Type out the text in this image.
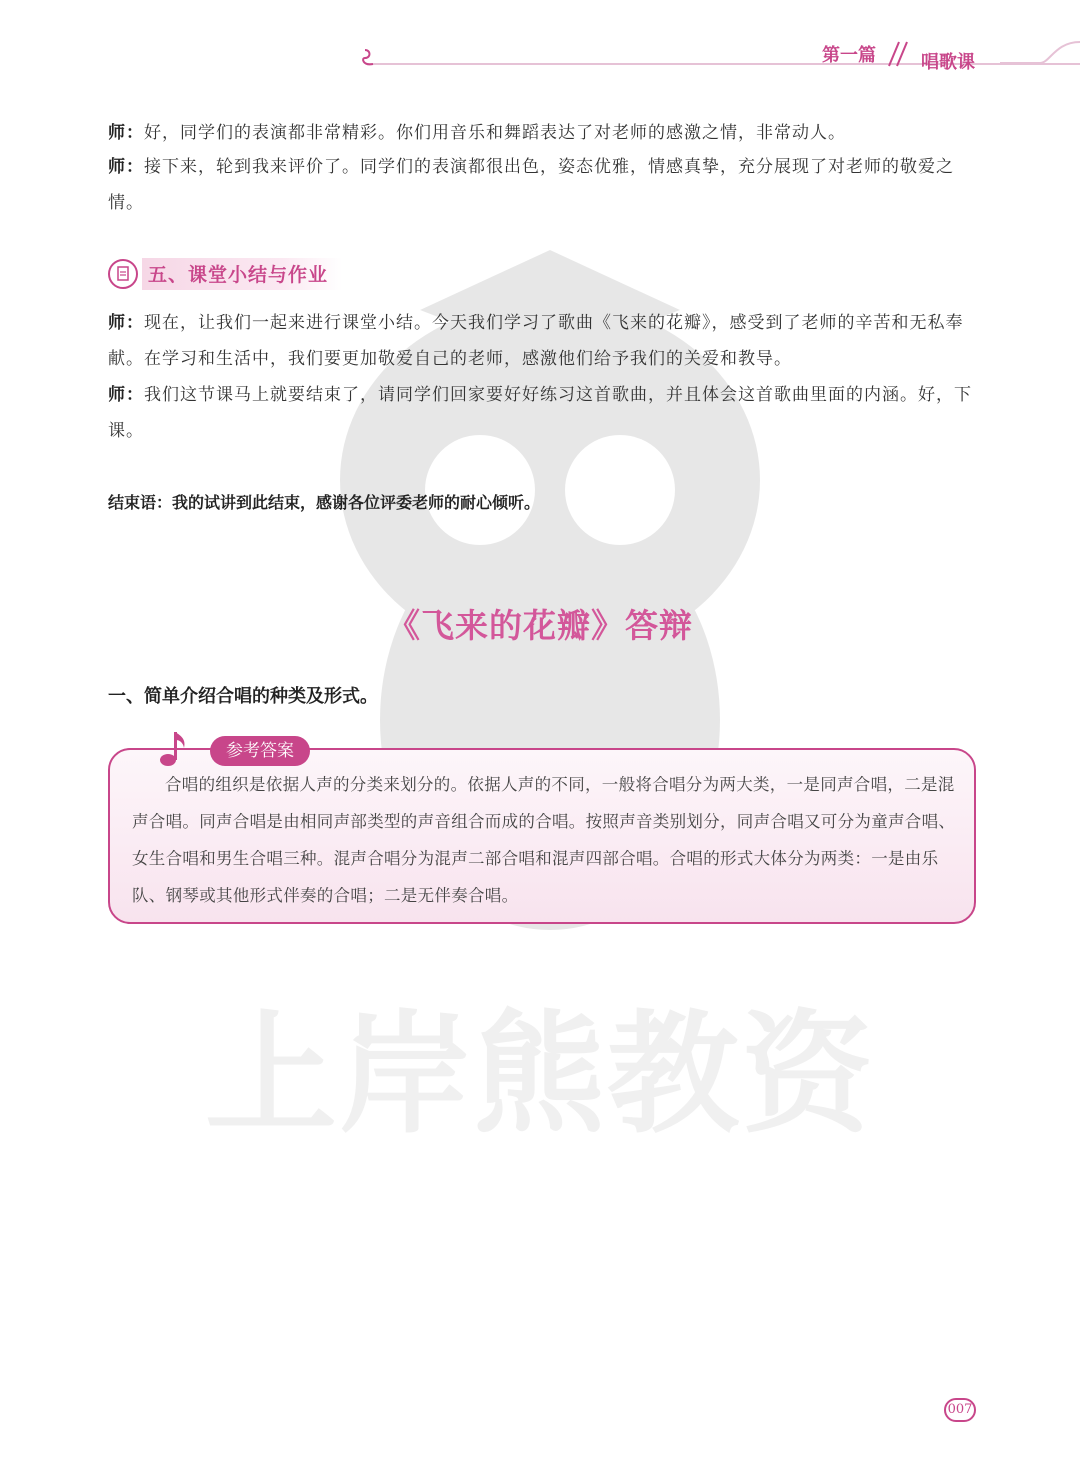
上岸熊教资
第一篇	唱歌课
师：好，同学们的表演都非常精彩。你们用音乐和舞蹈表达了对老师的感激之情，非常动人。
师：接下来，轮到我来评价了。同学们的表演都很出色，姿态优雅，情感真挚，充分展现了对老师的敬爱之情。
五、课堂小结与作业
师：现在，让我们一起来进行课堂小结。今天我们学习了歌曲《飞来的花瓣》，感受到了老师的辛苦和无私奉献。在学习和生活中，我们要更加敬爱自己的老师，感激他们给予我们的关爱和教导。
师：我们这节课马上就要结束了，请同学们回家要好好练习这首歌曲，并且体会这首歌曲里面的内涵。好，下课。
结束语：我的试讲到此结束，感谢各位评委老师的耐心倾听。
《飞来的花瓣》答辩
一、简单介绍合唱的种类及形式。
参考答案
合唱的组织是依据人声的分类来划分的。依据人声的不同，一般将合唱分为两大类，一是同声合唱，二是混声合唱。同声合唱是由相同声部类型的声音组合而成的合唱。按照声音类别划分，同声合唱又可分为童声合唱、女生合唱和男生合唱三种。混声合唱分为混声二部合唱和混声四部合唱。合唱的形式大体分为两类：一是由乐队、钢琴或其他形式伴奏的合唱；二是无伴奏合唱。
007
